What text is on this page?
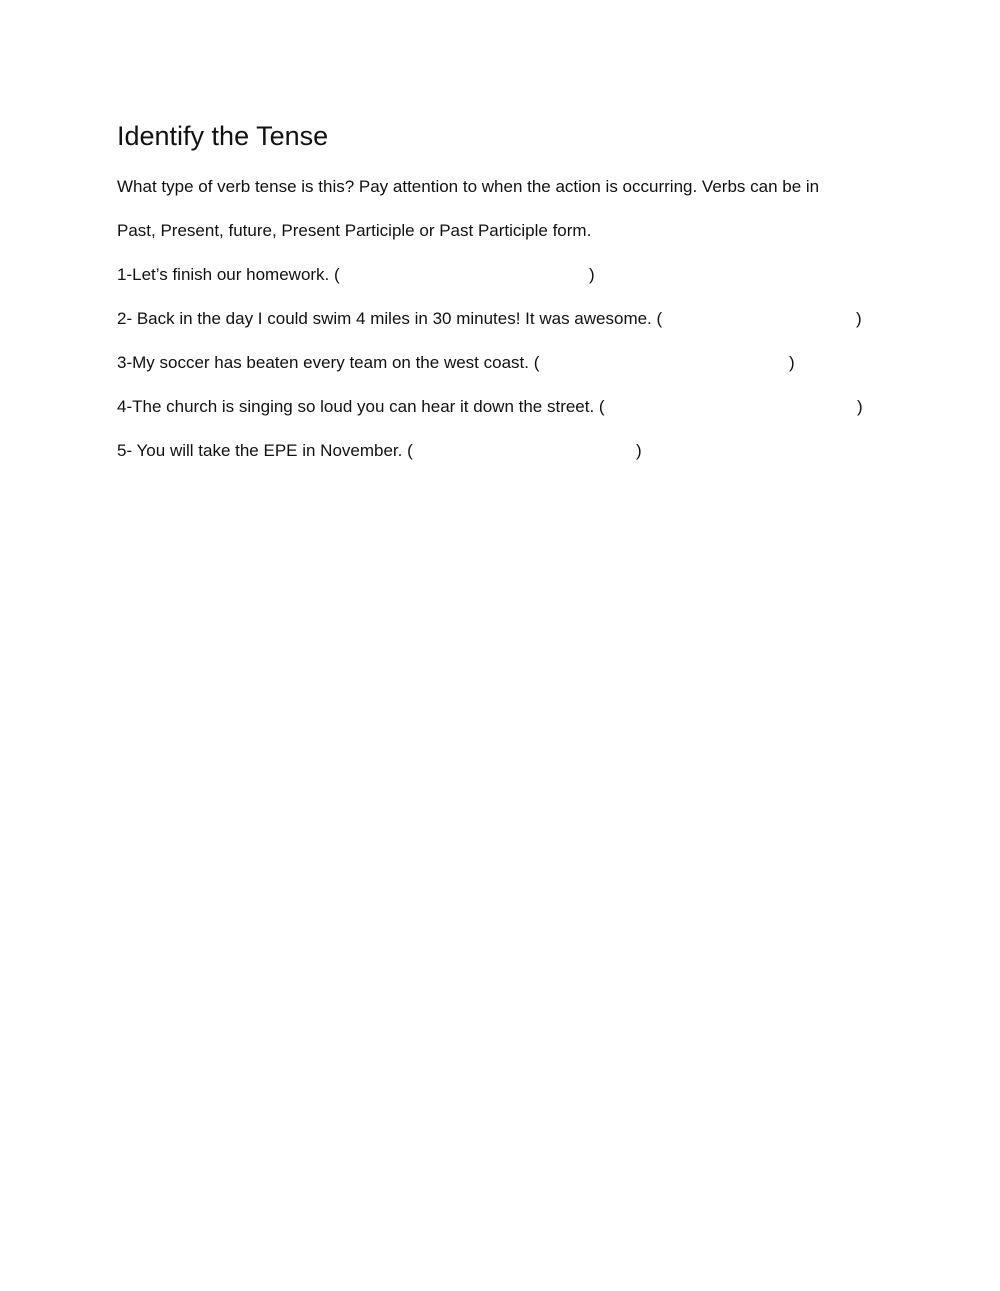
Identify the Tense
What type of verb tense is this? Pay attention to when the action is occurring. Verbs can be in
Past, Present, future, Present Participle or Past Participle form.
1-Let’s finish our homework. (	)
2- Back in the day I could swim 4 miles in 30 minutes! It was awesome. (	)
3-My soccer has beaten every team on the west coast. (	)
4-The church is singing so loud you can hear it down the street. (	)
5- You will take the EPE in November. (	)
